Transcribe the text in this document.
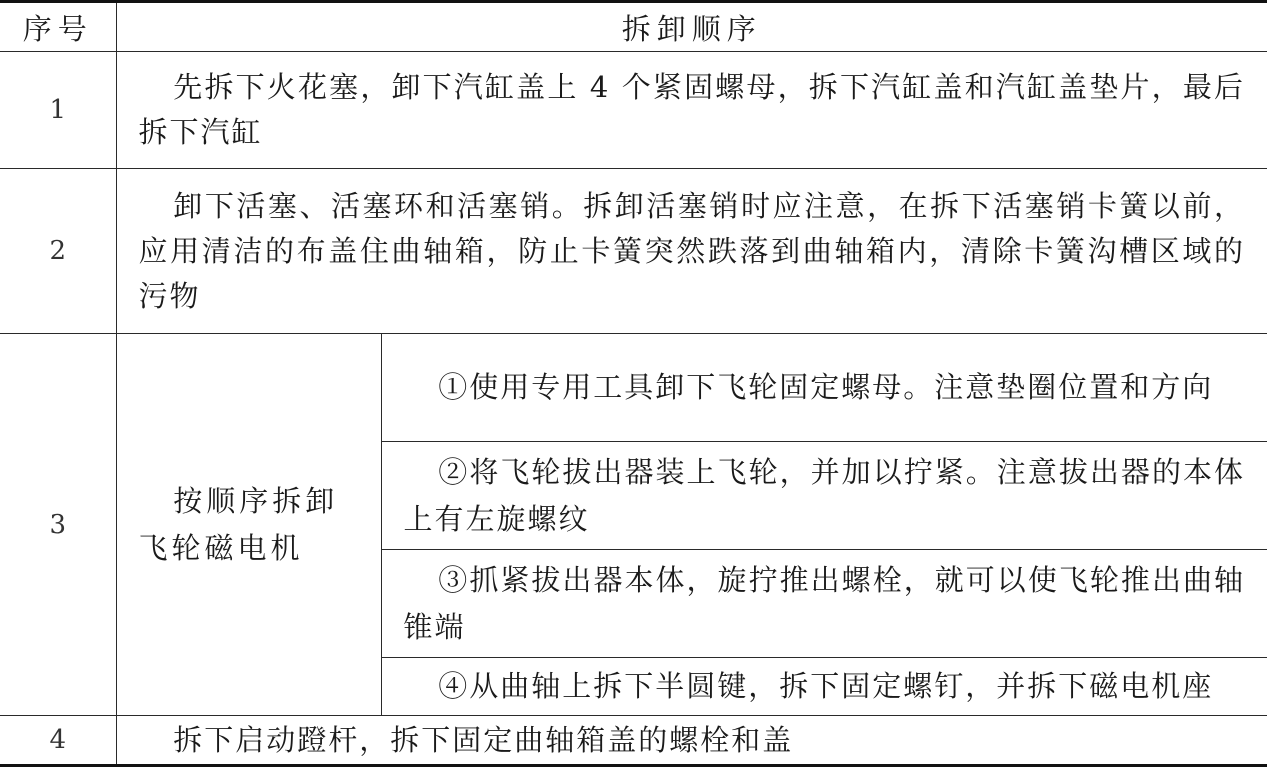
序号	拆卸顺序	
1	先拆下火花塞，卸下汽缸盖上 4 个紧固螺母，拆下汽缸盖和汽缸盖垫片，最后拆下汽缸	

2	卸下活塞、活塞环和活塞销。拆卸活塞销时应注意，在拆下活塞销卡簧以前，应用清洁的布盖住曲轴箱，防止卡簧突然跌落到曲轴箱内，清除卡簧沟槽区域的污物	

3	按顺序拆卸飞轮磁电机	①使用专用工具卸下飞轮固定螺母。注意垫圈位置和方向

		②将飞轮拔出器装上飞轮，并加以拧紧。注意拔出器的本体上有左旋螺纹

		③抓紧拔出器本体，旋拧推出螺栓，就可以使飞轮推出曲轴锥端

		④从曲轴上拆下半圆键，拆下固定螺钉，并拆下磁电机座

4	拆下启动蹬杆，拆下固定曲轴箱盖的螺栓和盖	
